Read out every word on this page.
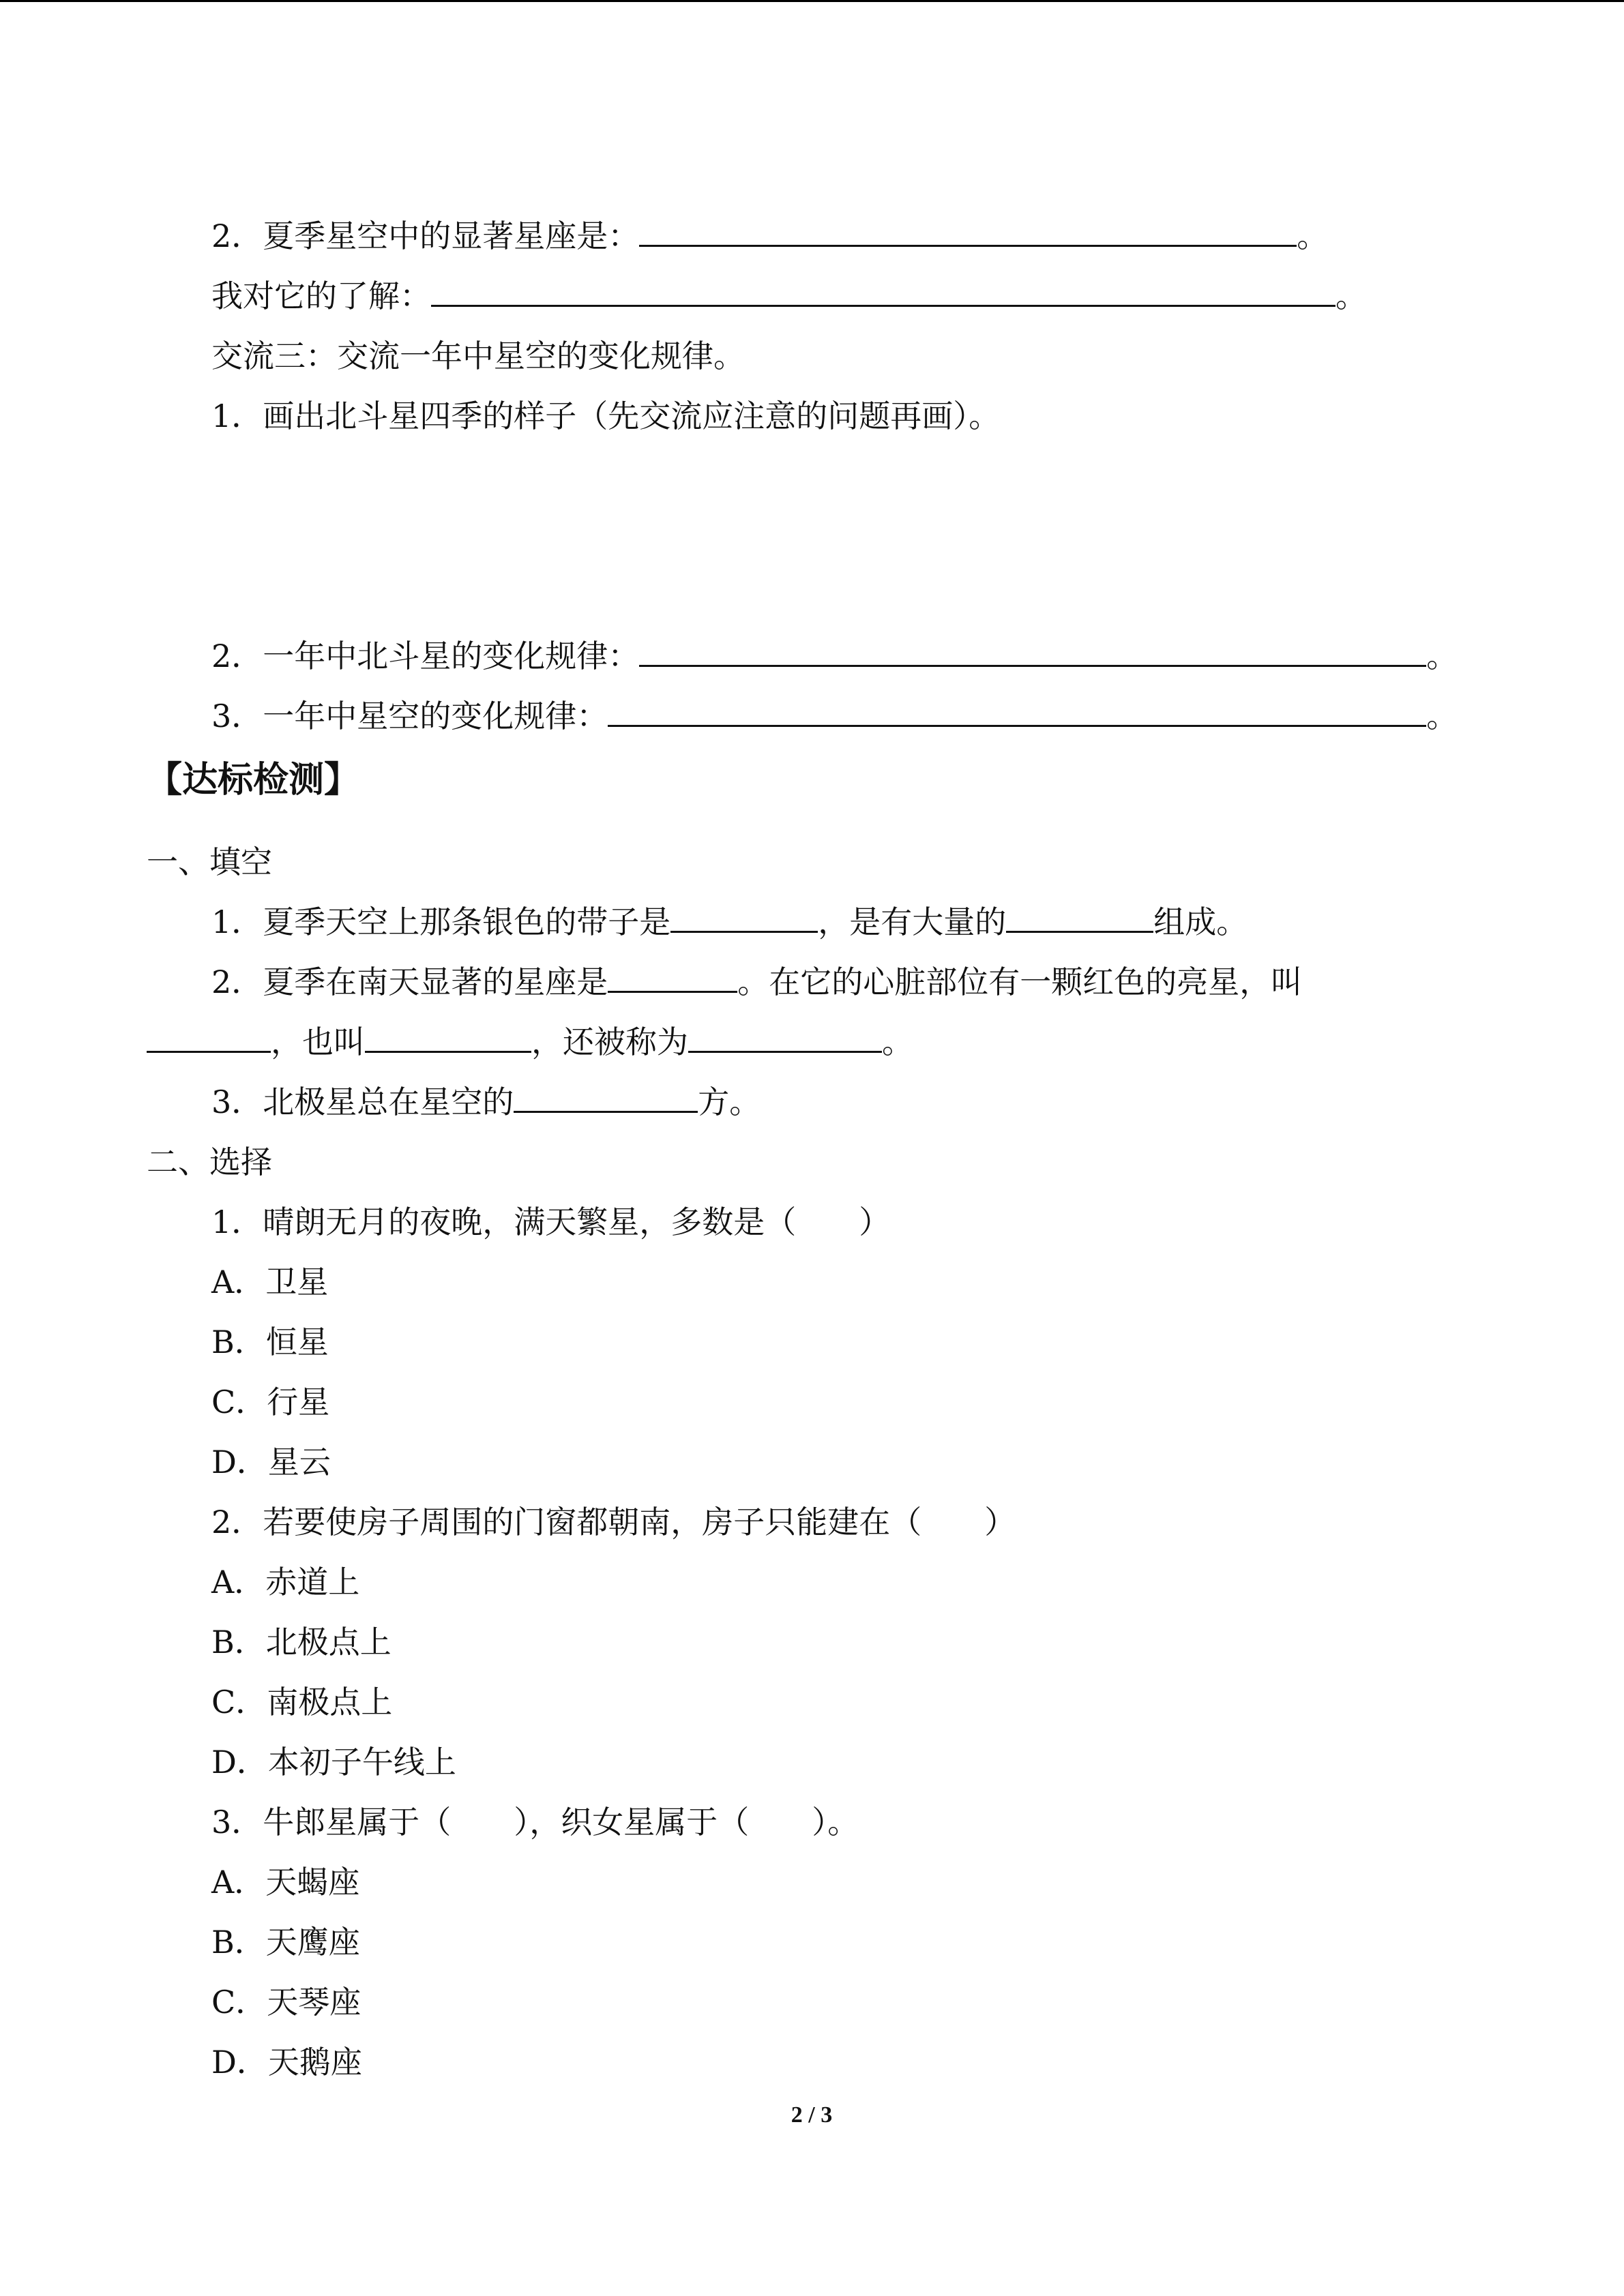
2．夏季星空中的显著星座是：	。
我对它的了解：	。
交流三：交流一年中星空的变化规律。
1．画出北斗星四季的样子（先交流应注意的问题再画）。
2．一年中北斗星的变化规律：	。
3．一年中星空的变化规律：	。
【达标检测】
一、填空
1．夏季天空上那条银色的带子是	，是有大量的	组成。
2．夏季在南天显著的星座是	。在它的心脏部位有一颗红色的亮星，叫
，也叫	，还被称为	。
3．北极星总在星空的	方。
二、选择
1．晴朗无月的夜晚，满天繁星，多数是（　　）
A．卫星
B．恒星
C．行星
D．星云
2．若要使房子周围的门窗都朝南，房子只能建在（　　）
A．赤道上
B．北极点上
C．南极点上
D．本初子午线上
3．牛郎星属于（　　），织女星属于（　　）。
A．天蝎座
B．天鹰座
C．天琴座
D．天鹅座
2 / 3
